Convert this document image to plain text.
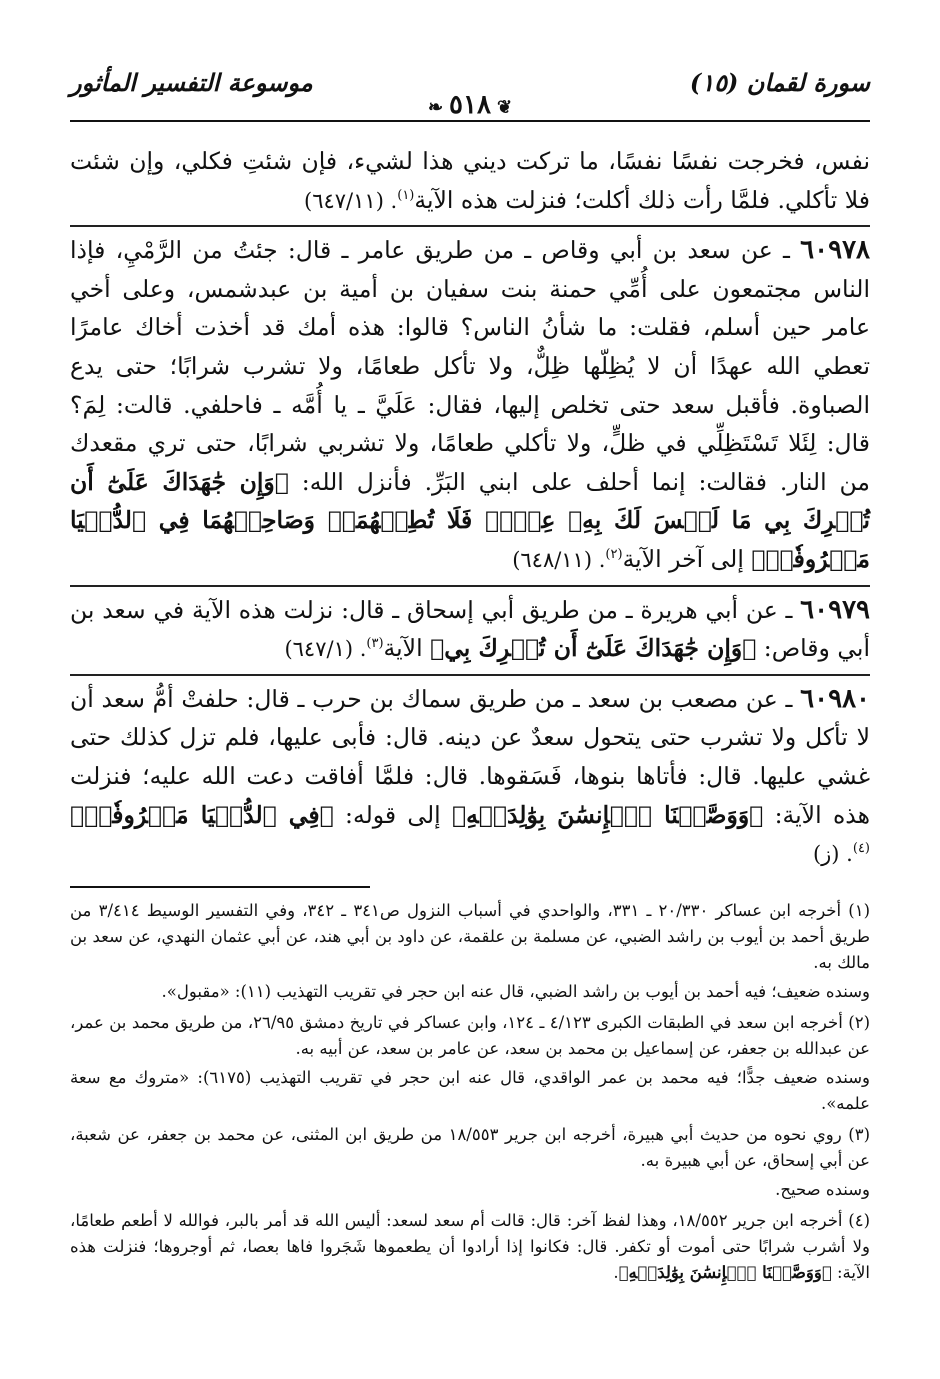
سورة لقمان (١٥)
موسوعة التفسير المأثور
❦٥١٨❧

نفس، فخرجت نفسًا نفسًا، ما تركت ديني هذا لشيء، فإن شئتِ فكلي، وإن شئت فلا تأكلي. فلمَّا رأت ذلك أكلت؛ فنزلت هذه الآية$^{(١)}$. (٦٤٧/١١)

٦٠٩٧٨ ـ عن سعد بن أبي وقاص ـ من طريق عامر ـ قال: جئتُ من الرَّمْيِ، فإذا الناس مجتمعون على أُمِّي حمنة بنت سفيان بن أمية بن عبدشمس، وعلى أخي عامر حين أسلم، فقلت: ما شأنُ الناس؟ قالوا: هذه أمك قد أخذت أخاك عامرًا تعطي الله عهدًا أن لا يُظِلّها ظِلٌّ، ولا تأكل طعامًا، ولا تشرب شرابًا؛ حتى يدع الصباوة. فأقبل سعد حتى تخلص إليها، فقال: عَلَيَّ ـ يا أُمَّه ـ فاحلفي. قالت: لِمَ؟ قال: لِئَلا تَسْتَظِلِّي في ظلٍّ، ولا تأكلي طعامًا، ولا تشربي شرابًا، حتى تري مقعدك من النار. فقالت: إنما أحلف على ابني البَرِّ. فأنزل الله: ﴿وَإِن جَٰهَدَاكَ عَلَىٰٓ أَن تُشۡرِكَ بِي مَا لَيۡسَ لَكَ بِهِۦ عِلۡمٞ فَلَا تُطِعۡهُمَاۖ وَصَاحِبۡهُمَا فِي ٱلدُّنۡيَا مَعۡرُوفٗاۖ﴾ إلى آخر الآية$^{(٢)}$. (٦٤٨/١١)

٦٠٩٧٩ ـ عن أبي هريرة ـ من طريق أبي إسحاق ـ قال: نزلت هذه الآية في سعد بن أبي وقاص: ﴿وَإِن جَٰهَدَاكَ عَلَىٰٓ أَن تُشۡرِكَ بِي﴾ الآية$^{(٣)}$. (٦٤٧/١)

٦٠٩٨٠ ـ عن مصعب بن سعد ـ من طريق سماك بن حرب ـ قال: حلفتْ أمُّ سعد أن لا تأكل ولا تشرب حتى يتحول سعدٌ عن دينه. قال: فأبى عليها، فلم تزل كذلك حتى غشي عليها. قال: فأتاها بنوها، فَسَقوها. قال: فلمَّا أفاقت دعت الله عليه؛ فنزلت هذه الآية: ﴿وَوَصَّيۡنَا ٱلۡإِنسَٰنَ بِوَٰلِدَيۡهِ﴾ إلى قوله: ﴿فِي ٱلدُّنۡيَا مَعۡرُوفٗاۖ﴾$^{(٤)}$. (ز)

(١) أخرجه ابن عساكر ٢٠/٣٣٠ ـ ٣٣١، والواحدي في أسباب النزول ص٣٤١ ـ ٣٤٢، وفي التفسير الوسيط ٣/٤١٤ من طريق أحمد بن أيوب بن راشد الضبي، عن مسلمة بن علقمة، عن داود بن أبي هند، عن أبي عثمان النهدي، عن سعد بن مالك به.

وسنده ضعيف؛ فيه أحمد بن أيوب بن راشد الضبي، قال عنه ابن حجر في تقريب التهذيب (١١): «مقبول».

(٢) أخرجه ابن سعد في الطبقات الكبرى ٤/١٢٣ ـ ١٢٤، وابن عساكر في تاريخ دمشق ٢٦/٩٥، من طريق محمد بن عمر، عن عبدالله بن جعفر، عن إسماعيل بن محمد بن سعد، عن عامر بن سعد، عن أبيه به.

وسنده ضعيف جدًّا؛ فيه محمد بن عمر الواقدي، قال عنه ابن حجر في تقريب التهذيب (٦١٧٥): «متروك مع سعة علمه».

(٣) روي نحوه من حديث أبي هبيرة، أخرجه ابن جرير ١٨/٥٥٣ من طريق ابن المثنى، عن محمد بن جعفر، عن شعبة، عن أبي إسحاق، عن أبي هبيرة به.

وسنده صحيح.

(٤) أخرجه ابن جرير ١٨/٥٥٢، وهذا لفظ آخر: قال: قالت أم سعد لسعد: أليس الله قد أمر بالبر، فوالله لا أطعم طعامًا، ولا أشرب شرابًا حتى أموت أو تكفر. قال: فكانوا إذا أرادوا أن يطعموها شَجَروا فاها بعصا، ثم أوجروها؛ فنزلت هذه الآية: ﴿وَوَصَّيۡنَا ٱلۡإِنسَٰنَ بِوَٰلِدَيۡهِ﴾.
